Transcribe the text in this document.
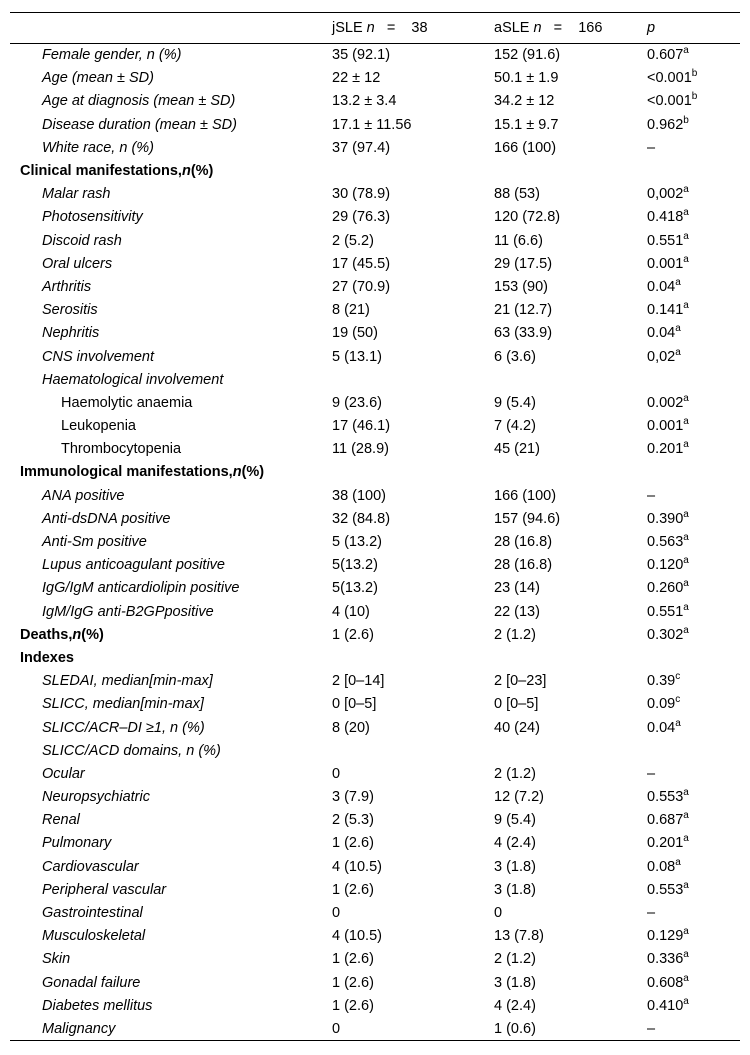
	jSLE n   =    38	aSLE n   =    166	p
Female gender, n (%)	35 (92.1)	152 (91.6)	0.607$^a$
Age (mean ± SD)	22 ± 12	50.1 ± 1.9	<0.001$^b$
Age at diagnosis (mean ± SD)	13.2 ± 3.4	34.2 ± 12	<0.001$^b$
Disease duration (mean ± SD)	17.1 ± 11.56	15.1 ± 9.7	0.962$^b$
White race, n (%)	37 (97.4)	166 (100)	–
Clinical manifestations,n(%)			
Malar rash	30 (78.9)	88 (53)	0,002$^a$
Photosensitivity	29 (76.3)	120 (72.8)	0.418$^a$
Discoid rash	2 (5.2)	11 (6.6)	0.551$^a$
Oral ulcers	17 (45.5)	29 (17.5)	0.001$^a$
Arthritis	27 (70.9)	153 (90)	0.04$^a$
Serositis	8 (21)	21 (12.7)	0.141$^a$
Nephritis	19 (50)	63 (33.9)	0.04$^a$
CNS involvement	5 (13.1)	6 (3.6)	0,02$^a$
Haematological involvement			
Haemolytic anaemia	9 (23.6)	9 (5.4)	0.002$^a$
Leukopenia	17 (46.1)	7 (4.2)	0.001$^a$
Thrombocytopenia	11 (28.9)	45 (21)	0.201$^a$
Immunological manifestations,n(%)			
ANA positive	38 (100)	166 (100)	–
Anti-dsDNA positive	32 (84.8)	157 (94.6)	0.390$^a$
Anti-Sm positive	5 (13.2)	28 (16.8)	0.563$^a$
Lupus anticoagulant positive	5(13.2)	28 (16.8)	0.120$^a$
IgG/IgM anticardiolipin positive	5(13.2)	23 (14)	0.260$^a$
IgM/IgG anti-B2GPpositive	4 (10)	22 (13)	0.551$^a$
Deaths,n(%)	1 (2.6)	2 (1.2)	0.302$^a$
Indexes			
SLEDAI, median[min-max]	2 [0–14]	2 [0–23]	0.39$^c$
SLICC, median[min-max]	0 [0–5]	0 [0–5]	0.09$^c$
SLICC/ACR–DI ≥1, n (%)	8 (20)	40 (24)	0.04$^a$
SLICC/ACD domains, n (%)			
Ocular	0	2 (1.2)	–
Neuropsychiatric	3 (7.9)	12 (7.2)	0.553$^a$
Renal	2 (5.3)	9 (5.4)	0.687$^a$
Pulmonary	1 (2.6)	4 (2.4)	0.201$^a$
Cardiovascular	4 (10.5)	3 (1.8)	0.08$^a$
Peripheral vascular	1 (2.6)	3 (1.8)	0.553$^a$
Gastrointestinal	0	0	–
Musculoskeletal	4 (10.5)	13 (7.8)	0.129$^a$
Skin	1 (2.6)	2 (1.2)	0.336$^a$
Gonadal failure	1 (2.6)	3 (1.8)	0.608$^a$
Diabetes mellitus	1 (2.6)	4 (2.4)	0.410$^a$
Malignancy	0	1 (0.6)	–
